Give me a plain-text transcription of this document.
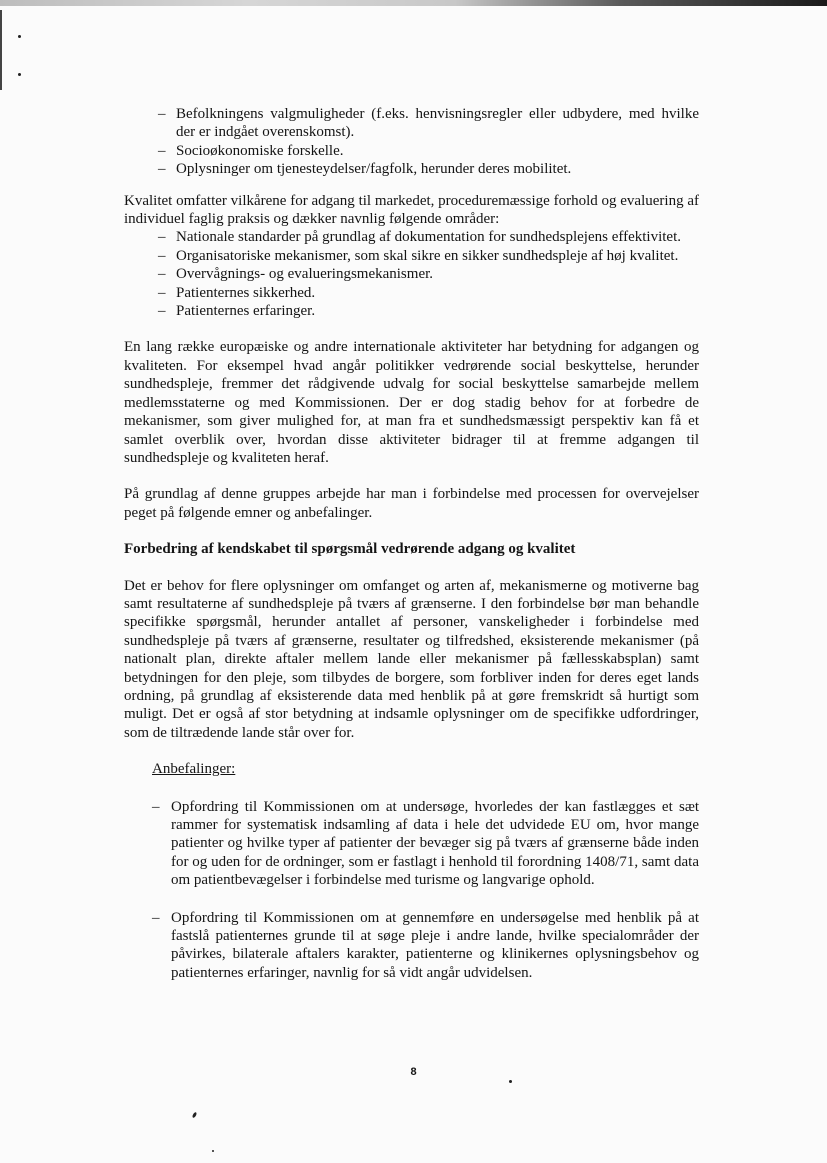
– Befolkningens valgmuligheder (f.eks. henvisningsregler eller udbydere, med hvilke der er indgået overenskomst).
– Socioøkonomiske forskelle.
– Oplysninger om tjenesteydelser/fagfolk, herunder deres mobilitet.

Kvalitet omfatter vilkårene for adgang til markedet, proceduremæssige forhold og evaluering af individuel faglig praksis og dækker navnlig følgende områder:

– Nationale standarder på grundlag af dokumentation for sundhedsplejens effektivitet.
– Organisatoriske mekanismer, som skal sikre en sikker sundhedspleje af høj kvalitet.
– Overvågnings- og evalueringsmekanismer.
– Patienternes sikkerhed.
– Patienternes erfaringer.

En lang række europæiske og andre internationale aktiviteter har betydning for adgangen og kvaliteten. For eksempel hvad angår politikker vedrørende social beskyttelse, herunder sundhedspleje, fremmer det rådgivende udvalg for social beskyttelse samarbejde mellem medlemsstaterne og med Kommissionen. Der er dog stadig behov for at forbedre de mekanismer, som giver mulighed for, at man fra et sundhedsmæssigt perspektiv kan få et samlet overblik over, hvordan disse aktiviteter bidrager til at fremme adgangen til sundhedspleje og kvaliteten heraf.

På grundlag af denne gruppes arbejde har man i forbindelse med processen for overvejelser peget på følgende emner og anbefalinger.

Forbedring af kendskabet til spørgsmål vedrørende adgang og kvalitet

Det er behov for flere oplysninger om omfanget og arten af, mekanismerne og motiverne bag samt resultaterne af sundhedspleje på tværs af grænserne. I den forbindelse bør man behandle specifikke spørgsmål, herunder antallet af personer, vanskeligheder i forbindelse med sundhedspleje på tværs af grænserne, resultater og tilfredshed, eksisterende mekanismer (på nationalt plan, direkte aftaler mellem lande eller mekanismer på fællesskabsplan) samt betydningen for den pleje, som tilbydes de borgere, som forbliver inden for deres eget lands ordning, på grundlag af eksisterende data med henblik på at gøre fremskridt så hurtigt som muligt. Det er også af stor betydning at indsamle oplysninger om de specifikke udfordringer, som de tiltrædende lande står over for.

Anbefalinger:

– Opfordring til Kommissionen om at undersøge, hvorledes der kan fastlægges et sæt rammer for systematisk indsamling af data i hele det udvidede EU om, hvor mange patienter og hvilke typer af patienter der bevæger sig på tværs af grænserne både inden for og uden for de ordninger, som er fastlagt i henhold til forordning 1408/71, samt data om patientbevægelser i forbindelse med turisme og langvarige ophold.
– Opfordring til Kommissionen om at gennemføre en undersøgelse med henblik på at fastslå patienternes grunde til at søge pleje i andre lande, hvilke specialområder der påvirkes, bilaterale aftalers karakter, patienterne og klinikernes oplysningsbehov og patienternes erfaringer, navnlig for så vidt angår udvidelsen.
8
